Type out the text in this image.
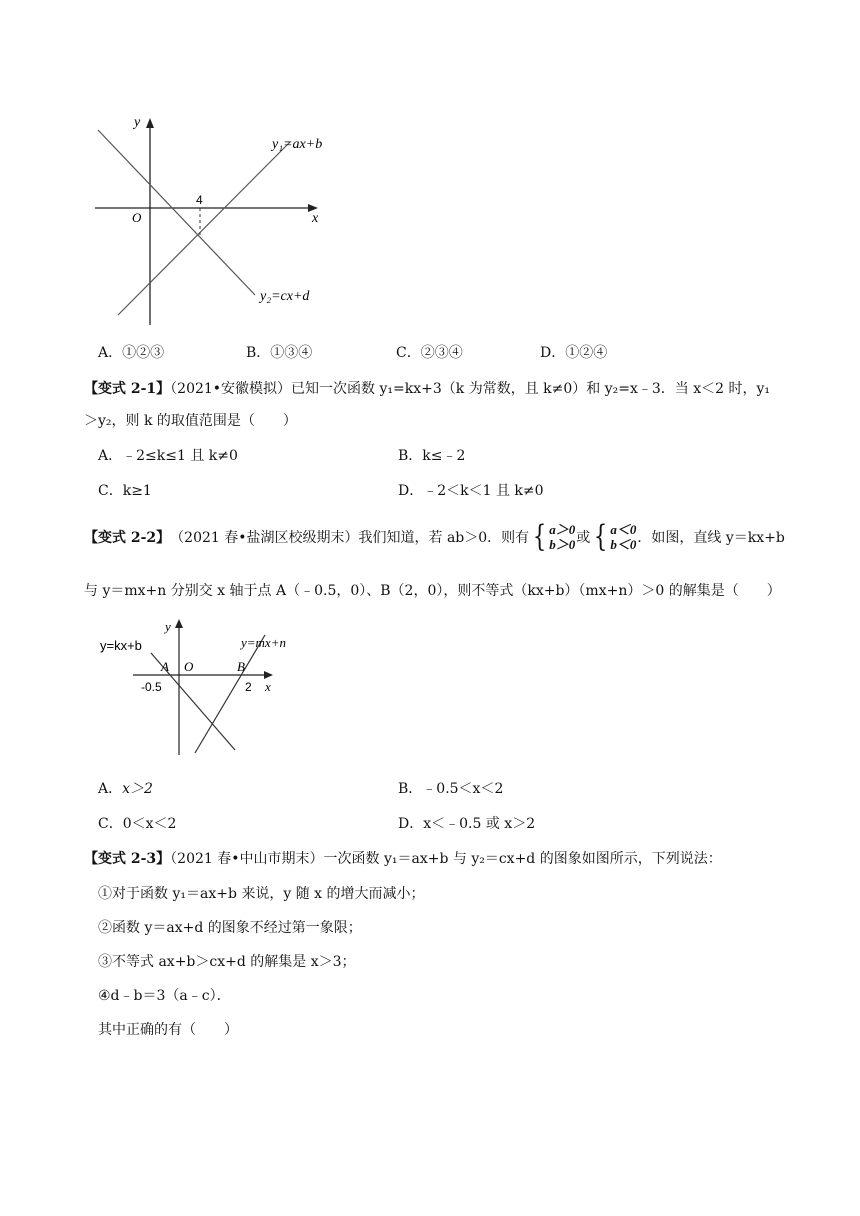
y
x
O
4
y₁=ax+b
y₂=cx+d
A．①②③	B．①③④	C．②③④	D．①②④
【变式 2-1】（2021•安徽模拟）已知一次函数 y₁=kx+3（k 为常数，且 k≠0）和 y₂=x﹣3．当 x＜2 时，y₁
＞y₂，则 k 的取值范围是（　　）
A．﹣2≤k≤1 且 k≠0	B．k≤﹣2
C．k≥1	D．﹣2＜k＜1 且 k≠0
【变式 2-2】 （2021 春•盐湖区校级期末）我们知道，若 ab＞0．则有 { a＞0
b＞0 或 { a＜0
b＜0 ．如图，直线 y＝kx+b
与 y＝mx+n 分别交 x 轴于点 A（﹣0.5，0）、B（2，0），则不等式（kx+b）（mx+n）＞0 的解集是（　　）
y=kx+b	y=mx+n
y
x
A O	B
-0.5	2
A．x＞2	B．﹣0.5＜x＜2
C．0＜x＜2	D．x＜﹣0.5 或 x＞2
【变式 2-3】（2021 春•中山市期末）一次函数 y₁＝ax+b 与 y₂＝cx+d 的图象如图所示，下列说法：
①对于函数 y₁＝ax+b 来说，y 随 x 的增大而减小；
②函数 y＝ax+d 的图象不经过第一象限；
③不等式 ax+b＞cx+d 的解集是 x＞3；
④d﹣b＝3（a﹣c）．
其中正确的有（　　）
